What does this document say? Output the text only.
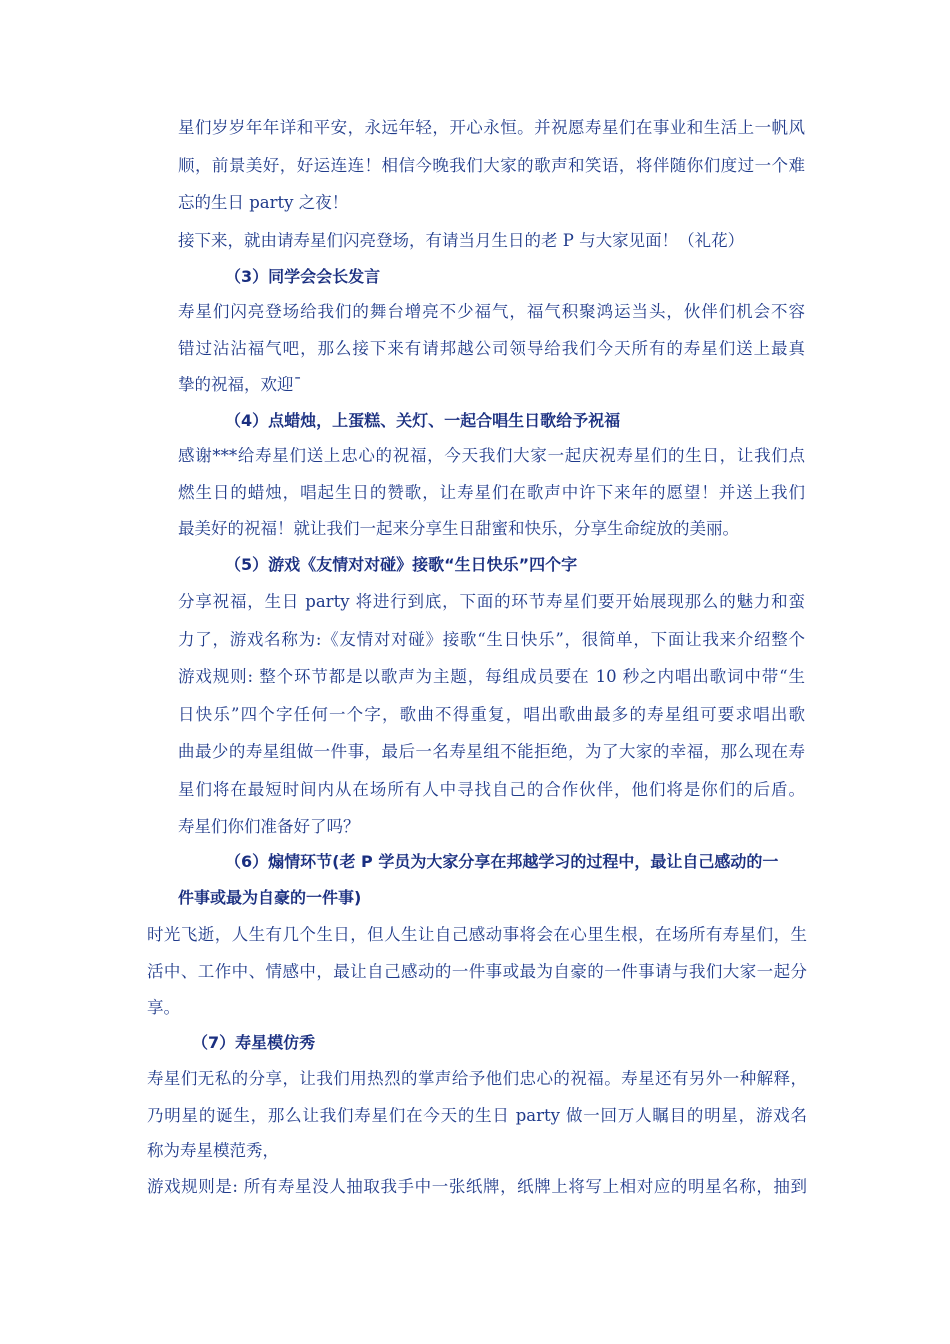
星们岁岁年年详和平安，永远年轻，开心永恒。并祝愿寿星们在事业和生活上一帆风
顺，前景美好，好运连连！相信今晚我们大家的歌声和笑语，将伴随你们度过一个难
忘的生日 party 之夜！
接下来，就由请寿星们闪亮登场，有请当月生日的老 P 与大家见面！（礼花）
（3）同学会会长发言
寿星们闪亮登场给我们的舞台增亮不少福气，福气积聚鸿运当头，伙伴们机会不容
错过沾沾福气吧，那么接下来有请邦越公司领导给我们今天所有的寿星们送上最真
挚的祝福，欢迎¯
（4）点蜡烛，上蛋糕、关灯、一起合唱生日歌给予祝福
感谢***给寿星们送上忠心的祝福，今天我们大家一起庆祝寿星们的生日，让我们点
燃生日的蜡烛，唱起生日的赞歌，让寿星们在歌声中许下来年的愿望！并送上我们
最美好的祝福！就让我们一起来分享生日甜蜜和快乐，分享生命绽放的美丽。
（5）游戏《友情对对碰》接歌“生日快乐”四个字
分享祝福，生日 party 将进行到底，下面的环节寿星们要开始展现那么的魅力和蛮
力了，游戏名称为:《友情对对碰》接歌“生日快乐”，很简单，下面让我来介绍整个
游戏规则: 整个环节都是以歌声为主题，每组成员要在 10 秒之内唱出歌词中带“生
日快乐”四个字任何一个字，歌曲不得重复，唱出歌曲最多的寿星组可要求唱出歌
曲最少的寿星组做一件事，最后一名寿星组不能拒绝，为了大家的幸福，那么现在寿
星们将在最短时间内从在场所有人中寻找自己的合作伙伴，他们将是你们的后盾。
寿星们你们准备好了吗？
（6）煽情环节(老 P 学员为大家分享在邦越学习的过程中，最让自己感动的一
件事或最为自豪的一件事)
时光飞逝，人生有几个生日，但人生让自己感动事将会在心里生根，在场所有寿星们，生
活中、工作中、情感中，最让自己感动的一件事或最为自豪的一件事请与我们大家一起分
享。
（7）寿星模仿秀
寿星们无私的分享，让我们用热烈的掌声给予他们忠心的祝福。寿星还有另外一种解释，
乃明星的诞生，那么让我们寿星们在今天的生日 party 做一回万人瞩目的明星，游戏名
称为寿星模范秀，
游戏规则是: 所有寿星没人抽取我手中一张纸牌，纸牌上将写上相对应的明星名称，抽到
